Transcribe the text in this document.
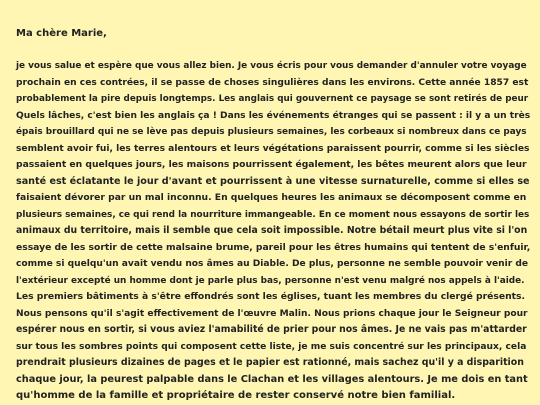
Ma chère Marie,

je vous salue et espère que vous allez bien. Je vous écris pour vous demander d'annuler votre voyage
prochain en ces contrées, il se passe de choses singulières dans les environs. Cette année 1857 est
probablement la pire depuis longtemps. Les anglais qui gouvernent ce paysage se sont retirés de peur
Quels lâches, c'est bien les anglais ça ! Dans les événements étranges qui se passent : il y a un très
épais brouillard qui ne se lève pas depuis plusieurs semaines, les corbeaux si nombreux dans ce pays
semblent avoir fui, les terres alentours et leurs végétations paraissent pourrir, comme si les siècles
passaient en quelques jours, les maisons pourrissent également, les bêtes meurent alors que leur
santé est éclatante le jour d'avant et pourrissent à une vitesse surnaturelle, comme si elles se
faisaient dévorer par un mal inconnu. En quelques heures les animaux se décomposent comme en
plusieurs semaines, ce qui rend la nourriture immangeable. En ce moment nous essayons de sortir les
animaux du territoire, mais il semble que cela soit impossible. Notre bétail meurt plus vite si l'on
essaye de les sortir de cette malsaine brume, pareil pour les êtres humains qui tentent de s'enfuir,
comme si quelqu'un avait vendu nos âmes au Diable. De plus, personne ne semble pouvoir venir de
l'extérieur excepté un homme dont je parle plus bas, personne n'est venu malgré nos appels à l'aide.
Les premiers bâtiments à s'être effondrés sont les églises, tuant les membres du clergé présents.
Nous pensons qu'il s'agit effectivement de l'œuvre Malin. Nous prions chaque jour le Seigneur pour
espérer nous en sortir, si vous aviez l'amabilité de prier pour nos âmes. Je ne vais pas m'attarder
sur tous les sombres points qui composent cette liste, je me suis concentré sur les principaux, cela
prendrait plusieurs dizaines de pages et le papier est rationné, mais sachez qu'il y a disparition
chaque jour, la peurest palpable dans le Clachan et les villages alentours. Je me dois en tant
qu'homme de la famille et propriétaire de rester conservé notre bien familial.
